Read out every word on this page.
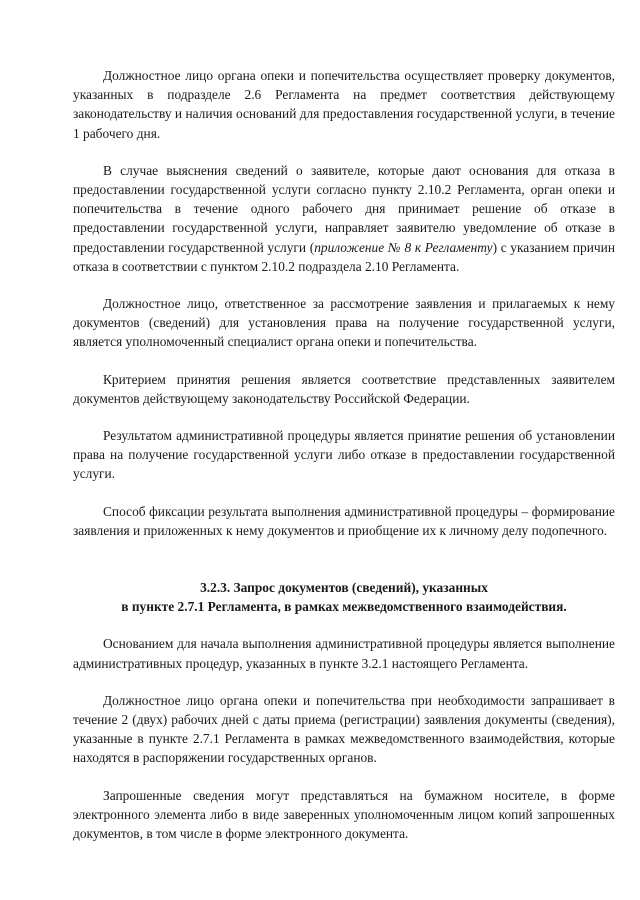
Должностное лицо органа опеки и попечительства осуществляет проверку документов, указанных в подразделе 2.6 Регламента на предмет соответствия действующему законодательству и наличия оснований для предоставления государственной услуги, в течение 1 рабочего дня.

В случае выяснения сведений о заявителе, которые дают основания для отказа в предоставлении государственной услуги согласно пункту 2.10.2 Регламента, орган опеки и попечительства в течение одного рабочего дня принимает решение об отказе в предоставлении государственной услуги, направляет заявителю уведомление об отказе в предоставлении государственной услуги (приложение № 8 к Регламенту) с указанием причин отказа в соответствии с пунктом 2.10.2 подраздела 2.10 Регламента.

Должностное лицо, ответственное за рассмотрение заявления и прилагаемых к нему документов (сведений) для установления права на получение государственной услуги, является уполномоченный специалист органа опеки и попечительства.

Критерием принятия решения является соответствие представленных заявителем документов действующему законодательству Российской Федерации.

Результатом административной процедуры является принятие решения об установлении права на получение государственной услуги либо отказе в предоставлении государственной услуги.

Способ фиксации результата выполнения административной процедуры – формирование заявления и приложенных к нему документов и приобщение их к личному делу подопечного.

3.2.3. Запрос документов (сведений), указанных
в пункте 2.7.1 Регламента, в рамках межведомственного взаимодействия.

Основанием для начала выполнения административной процедуры является выполнение административных процедур, указанных в пункте 3.2.1 настоящего Регламента.

Должностное лицо органа опеки и попечительства при необходимости запрашивает в течение 2 (двух) рабочих дней с даты приема (регистрации) заявления документы (сведения), указанные в пункте 2.7.1 Регламента в рамках межведомственного взаимодействия, которые находятся в распоряжении государственных органов.

Запрошенные сведения могут представляться на бумажном носителе, в форме электронного элемента либо в виде заверенных уполномоченным лицом копий запрошенных документов, в том числе в форме электронного документа.
